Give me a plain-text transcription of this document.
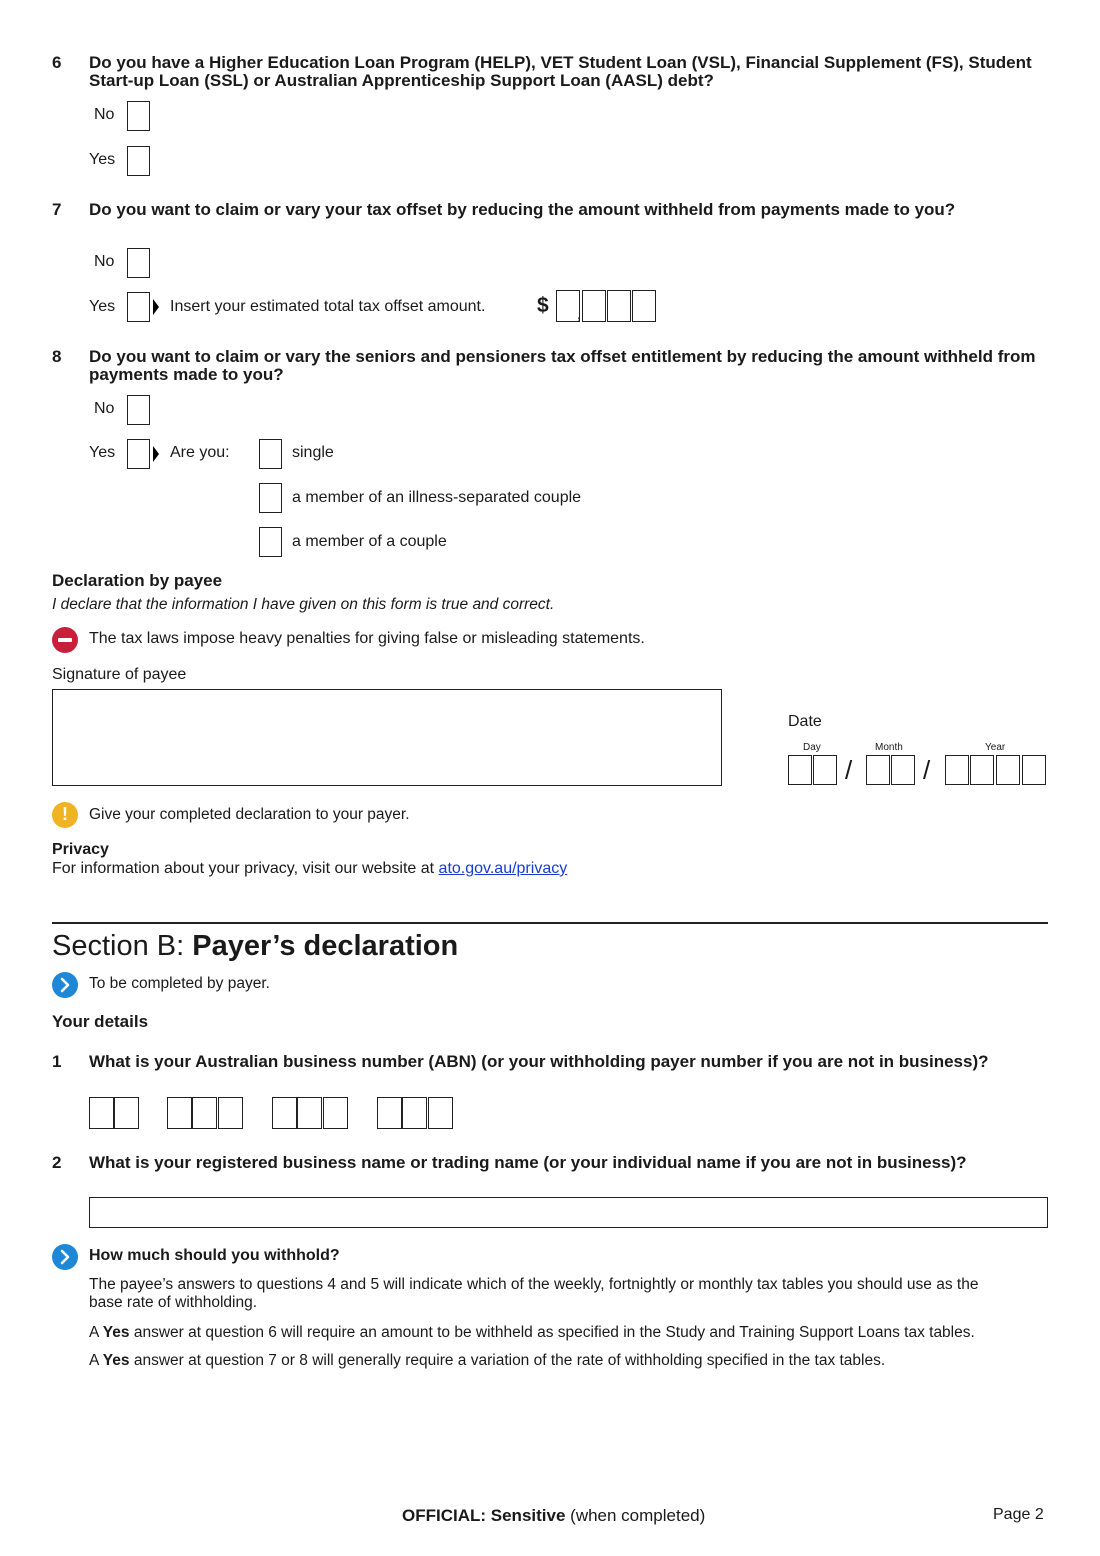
6 Do you have a Higher Education Loan Program (HELP), VET Student Loan (VSL), Financial Supplement (FS), Student Start-up Loan (SSL) or Australian Apprenticeship Support Loan (AASL) debt?
No
Yes
7 Do you want to claim or vary your tax offset by reducing the amount withheld from payments made to you?
No
Yes	Insert your estimated total tax offset amount. $ ,
8 Do you want to claim or vary the seniors and pensioners tax offset entitlement by reducing the amount withheld from payments made to you?
No
Yes	Are you:	single
a member of an illness-separated couple
a member of a couple
Declaration by payee
I declare that the information I have given on this form is true and correct.
The tax laws impose heavy penalties for giving false or misleading statements.
Signature of payee
Date
Day	Month	Year
/	/
!	Give your completed declaration to your payer.
Privacy
For information about your privacy, visit our website at ato.gov.au/privacy
Section B: Payer’s declaration
To be completed by payer.
Your details
1 What is your Australian business number (ABN) (or your withholding payer number if you are not in business)?
2 What is your registered business name or trading name (or your individual name if you are not in business)?
How much should you withhold?
The payee’s answers to questions 4 and 5 will indicate which of the weekly, fortnightly or monthly tax tables you should use as the base rate of withholding.
A Yes answer at question 6 will require an amount to be withheld as specified in the Study and Training Support Loans tax tables.
A Yes answer at question 7 or 8 will generally require a variation of the rate of withholding specified in the tax tables.
OFFICIAL: Sensitive (when completed)	Page 2
